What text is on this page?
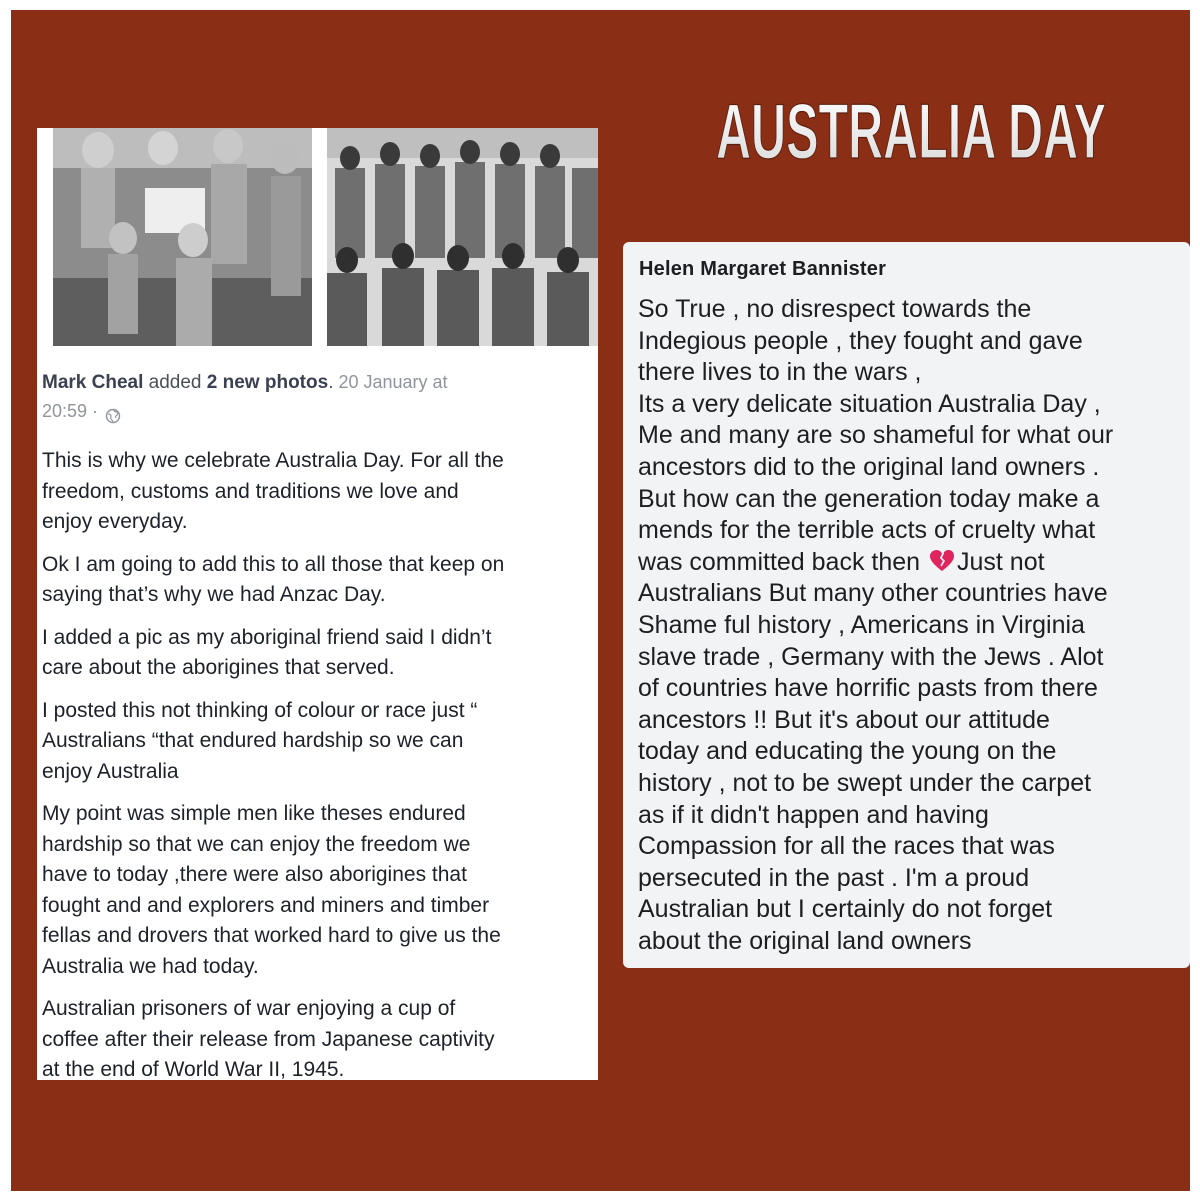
AUSTRALIA DAY
Mark Cheal added 2 new photos. 20 January at
20:59 ·

This is why we celebrate Australia Day. For all the
freedom, customs and traditions we love and
enjoy everyday.

Ok I am going to add this to all those that keep on
saying that’s why we had Anzac Day.

I added a pic as my aboriginal friend said I didn’t
care about the aborigines that served.

I posted this not thinking of colour or race just “
Australians “that endured hardship so we can
enjoy Australia

My point was simple men like theses endured
hardship so that we can enjoy the freedom we
have to today ,there were also aborigines that
fought and and explorers and miners and timber
fellas and drovers that worked hard to give us the
Australia we had today.

Australian prisoners of war enjoying a cup of
coffee after their release from Japanese captivity
at the end of World War II, 1945.

Helen Margaret Bannister
So True , no disrespect towards the
Indegious people , they fought and gave
there lives to in the wars ,
Its a very delicate situation Australia Day ,
Me and many are so shameful for what our
ancestors did to the original land owners .
But how can the generation today make a
mends for the terrible acts of cruelty what
was committed back then Just not
Australians But many other countries have
Shame ful history , Americans in Virginia
slave trade , Germany with the Jews . Alot
of countries have horrific pasts from there
ancestors !! But it's about our attitude
today and educating the young on the
history , not to be swept under the carpet
as if it didn't happen and having
Compassion for all the races that was
persecuted in the past . I'm a proud
Australian but I certainly do not forget
about the original land owners
